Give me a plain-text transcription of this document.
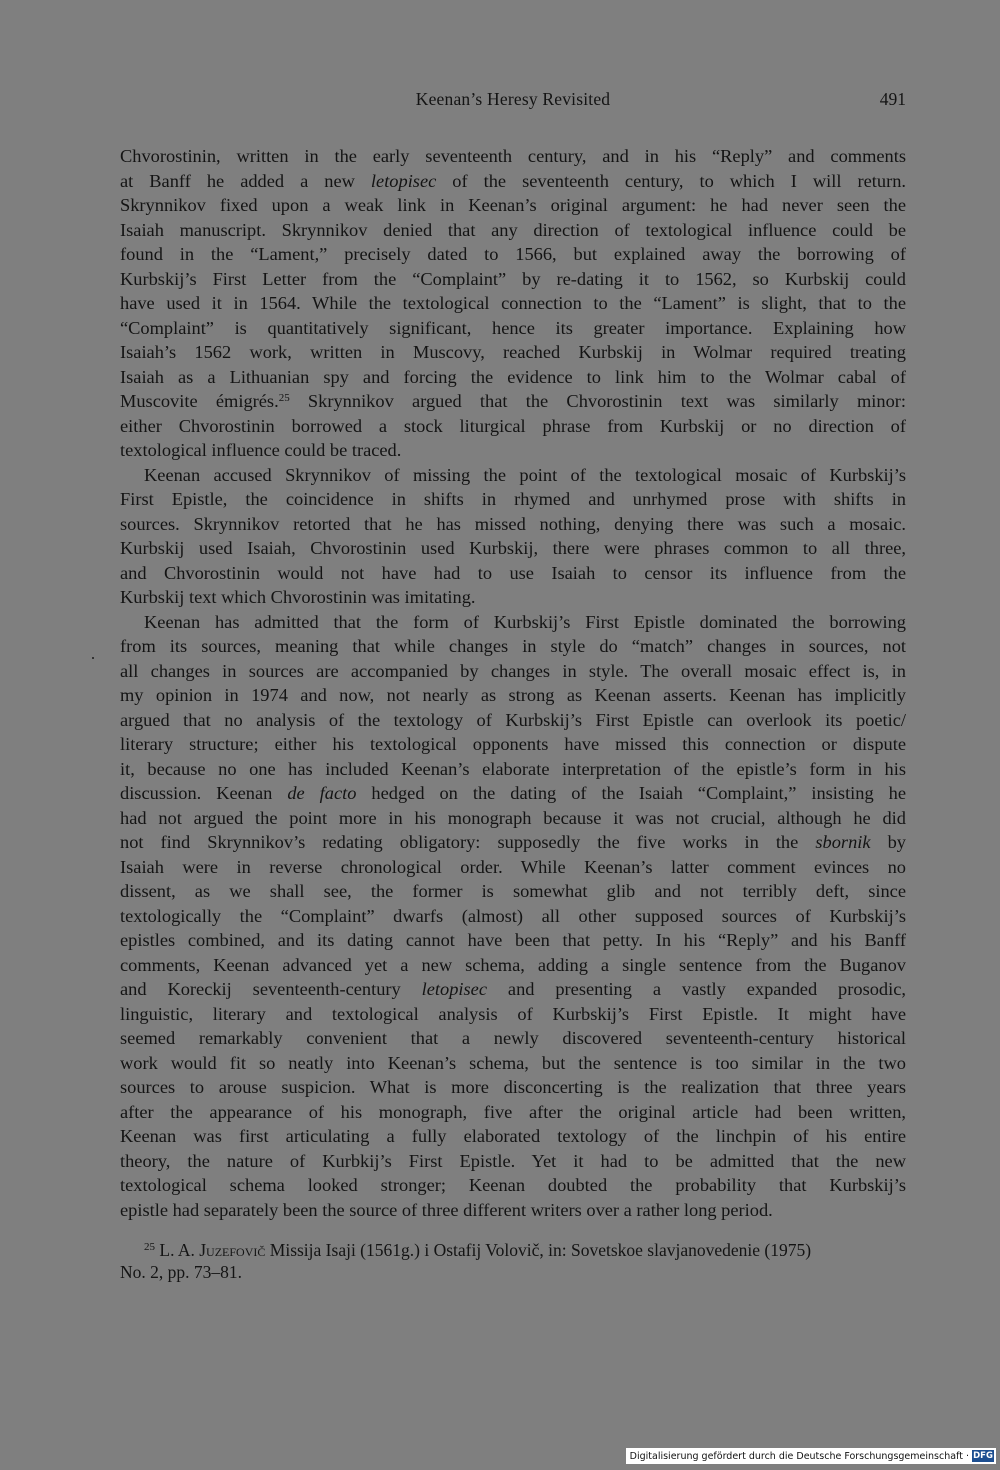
Keenan’s Heresy Revisited	491

Chvorostinin, written in the early seventeenth century, and in his “Reply” and comments
at Banff he added a new letopisec of the seventeenth century, to which I will return.
Skrynnikov fixed upon a weak link in Keenan’s original argument: he had never seen the
Isaiah manuscript. Skrynnikov denied that any direction of textological influence could be
found in the “Lament,” precisely dated to 1566, but explained away the borrowing of
Kurbskij’s First Letter from the “Complaint” by re-dating it to 1562, so Kurbskij could
have used it in 1564. While the textological connection to the “Lament” is slight, that to the
“Complaint” is quantitatively significant, hence its greater importance. Explaining how
Isaiah’s 1562 work, written in Muscovy, reached Kurbskij in Wolmar required treating
Isaiah as a Lithuanian spy and forcing the evidence to link him to the Wolmar cabal of
Muscovite émigrés.$^{25}$ Skrynnikov argued that the Chvorostinin text was similarly minor:
either Chvorostinin borrowed a stock liturgical phrase from Kurbskij or no direction of
textological influence could be traced.

Keenan accused Skrynnikov of missing the point of the textological mosaic of Kurbskij’s
First Epistle, the coincidence in shifts in rhymed and unrhymed prose with shifts in
sources. Skrynnikov retorted that he has missed nothing, denying there was such a mosaic.
Kurbskij used Isaiah, Chvorostinin used Kurbskij, there were phrases common to all three,
and Chvorostinin would not have had to use Isaiah to censor its influence from the
Kurbskij text which Chvorostinin was imitating.

Keenan has admitted that the form of Kurbskij’s First Epistle dominated the borrowing
from its sources, meaning that while changes in style do “match” changes in sources, not
all changes in sources are accompanied by changes in style. The overall mosaic effect is, in
my opinion in 1974 and now, not nearly as strong as Keenan asserts. Keenan has implicitly
argued that no analysis of the textology of Kurbskij’s First Epistle can overlook its poetic/
literary structure; either his textological opponents have missed this connection or dispute
it, because no one has included Keenan’s elaborate interpretation of the epistle’s form in his
discussion. Keenan de facto hedged on the dating of the Isaiah “Complaint,” insisting he
had not argued the point more in his monograph because it was not crucial, although he did
not find Skrynnikov’s redating obligatory: supposedly the five works in the sbornik by
Isaiah were in reverse chronological order. While Keenan’s latter comment evinces no
dissent, as we shall see, the former is somewhat glib and not terribly deft, since
textologically the “Complaint” dwarfs (almost) all other supposed sources of Kurbskij’s
epistles combined, and its dating cannot have been that petty. In his “Reply” and his Banff
comments, Keenan advanced yet a new schema, adding a single sentence from the Buganov
and Koreckij seventeenth-century letopisec and presenting a vastly expanded prosodic,
linguistic, literary and textological analysis of Kurbskij’s First Epistle. It might have
seemed remarkably convenient that a newly discovered seventeenth-century historical
work would fit so neatly into Keenan’s schema, but the sentence is too similar in the two
sources to arouse suspicion. What is more disconcerting is the realization that three years
after the appearance of his monograph, five after the original article had been written,
Keenan was first articulating a fully elaborated textology of the linchpin of his entire
theory, the nature of Kurbkij’s First Epistle. Yet it had to be admitted that the new
textological schema looked stronger; Keenan doubted the probability that Kurbskij’s
epistle had separately been the source of three different writers over a rather long period.

$^{25}$ L. A. Juzefovič Missija Isaji (1561g.) i Ostafij Volovič, in: Sovetskoe slavjanovedenie (1975)
No. 2, pp. 73–81.
Digitalisierung gefördert durch die Deutsche Forschungsgemeinschaft · DFG
